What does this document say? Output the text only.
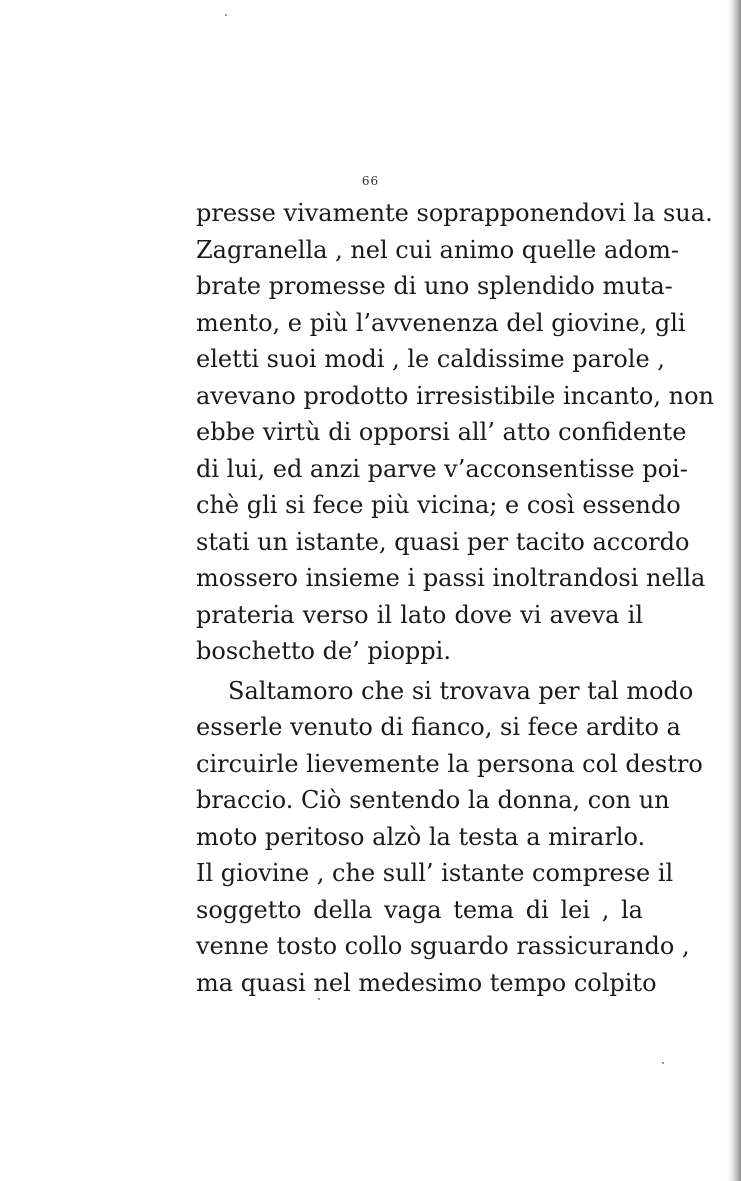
66
presse vivamente soprapponendovi la sua.
Zagranella , nel cui animo quelle adom-
brate promesse di uno splendido muta-
mento, e più l’avvenenza del giovine, gli
eletti suoi modi , le caldissime parole ,
avevano prodotto irresistibile incanto, non
ebbe virtù di opporsi all’ atto confidente
di lui, ed anzi parve v’acconsentisse poi-
chè gli si fece più vicina; e così essendo
stati un istante, quasi per tacito accordo
mossero insieme i passi inoltrandosi nella
prateria verso il lato dove vi aveva il
boschetto de’ pioppi.
Saltamoro che si trovava per tal modo
esserle venuto di fianco, si fece ardito a
circuirle lievemente la persona col destro
braccio. Ciò sentendo la donna, con un
moto peritoso alzò la testa a mirarlo.
Il giovine , che sull’ istante comprese il
soggetto della vaga tema di lei , la
venne tosto collo sguardo rassicurando ,
ma quasi nel medesimo tempo colpito
